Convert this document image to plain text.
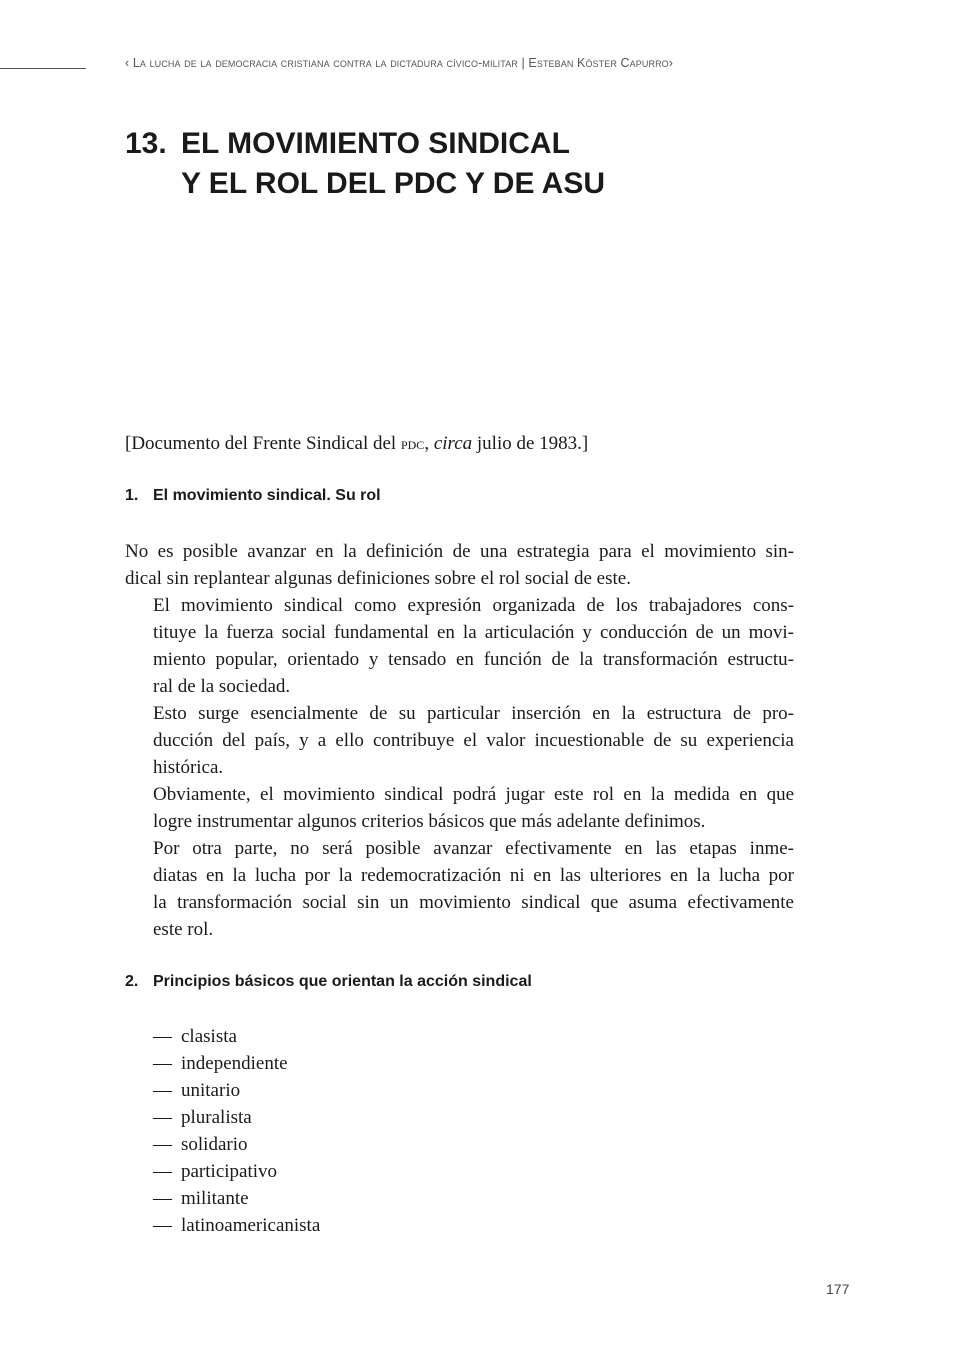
‹ La lucha de la democracia cristiana contra la dictadura cívico-militar | Esteban Köster Capurro›
13. EL MOVIMIENTO SINDICAL
Y EL ROL DEL PDC Y DE ASU
[Documento del Frente Sindical del pdc, circa julio de 1983.]
1. El movimiento sindical. Su rol

No es posible avanzar en la definición de una estrategia para el movimiento sin-
dical sin replantear algunas definiciones sobre el rol social de este.

El movimiento sindical como expresión organizada de los trabajadores cons-
tituye la fuerza social fundamental en la articulación y conducción de un movi-
miento popular, orientado y tensado en función de la transformación estructu-
ral de la sociedad.

Esto surge esencialmente de su particular inserción en la estructura de pro-
ducción del país, y a ello contribuye el valor incuestionable de su experiencia
histórica.

Obviamente, el movimiento sindical podrá jugar este rol en la medida en que
logre instrumentar algunos criterios básicos que más adelante definimos.

Por otra parte, no será posible avanzar efectivamente en las etapas inme-
diatas en la lucha por la redemocratización ni en las ulteriores en la lucha por
la transformación social sin un movimiento sindical que asuma efectivamente
este rol.

2. Principios básicos que orientan la acción sindical
— clasista
— independiente
— unitario
— pluralista
— solidario
— participativo
— militante
— latinoamericanista
177
